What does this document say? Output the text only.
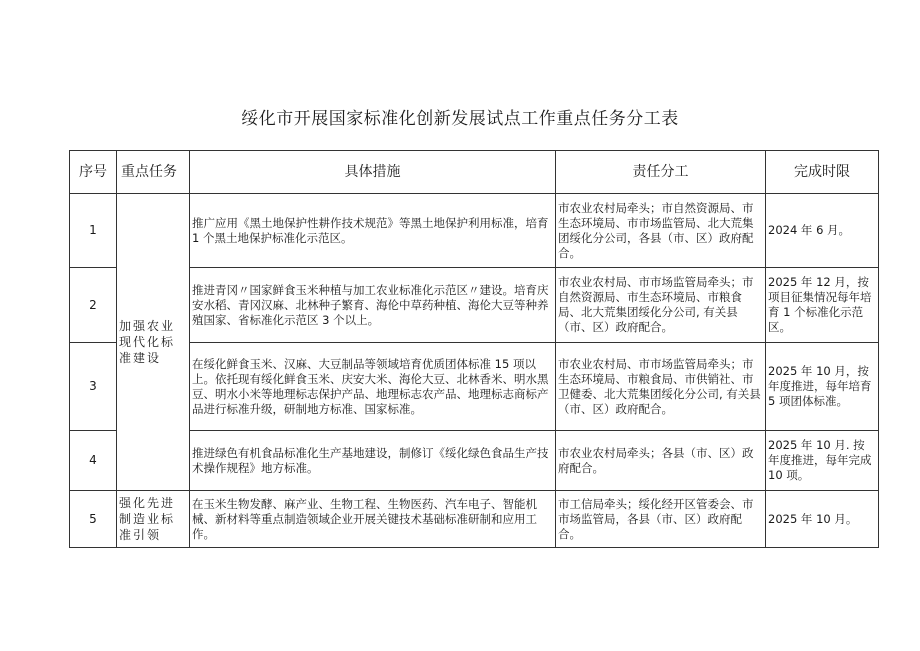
绥化市开展国家标准化创新发展试点工作重点任务分工表
序号	重点任务	具体措施	责任分工	完成时限
1	加强农业现代化标准建设	推广应用《黑土地保护性耕作技术规范》等黑土地保护利用标准，培育 1 个黑土地保护标准化示范区。	市农业农村局牵头；市自然资源局、市生态环境局、市市场监管局、北大荒集团绥化分公司，各县（市、区）政府配合。	2024 年 6 月。
2		推进青冈〃国家鲜食玉米种植与加工农业标准化示范区〃建设。培育庆安水稻、青冈汉麻、北林种子繁育、海伦中草药种植、海伦大豆等种养殖国家、省标准化示范区 3 个以上。	市农业农村局、市市场监管局牵头；市自然资源局、市生态环境局、市粮食局、北大荒集团绥化分公司, 有关县（市、区）政府配合。	2025 年 12 月，按项目征集情况每年培育 1 个标准化示范区。
3		在绥化鲜食玉米、汉麻、大豆制品等领域培育优质团体标准 15 项以上。依托现有绥化鲜食玉米、庆安大米、海伦大豆、北林香米、明水黑豆、明水小米等地理标志保护产品、地理标志农产品、地理标志商标产品进行标准升级，研制地方标准、国家标准。	市农业农村局、市市场监管局牵头；市生态环境局、市粮食局、市供销社、市卫健委、北大荒集团绥化分公司, 有关县（市、区）政府配合。	2025 年 10 月，按年度推进，每年培育 5 项团体标准。
4		推进绿色有机食品标准化生产基地建设，制修订《绥化绿色食品生产技术操作规程》地方标准。	市农业农村局牵头；各县（市、区）政府配合。	2025 年 10 月. 按年度推进，每年完成 10 项。
5	强化先进制造业标准引领	在玉米生物发酵、麻产业、生物工程、生物医药、汽车电子、智能机械、新材料等重点制造领域企业开展关键技术基础标准研制和应用工作。	市工信局牵头；绥化经开区管委会、市市场监管局，各县（市、区）政府配合。	2025 年 10 月。
